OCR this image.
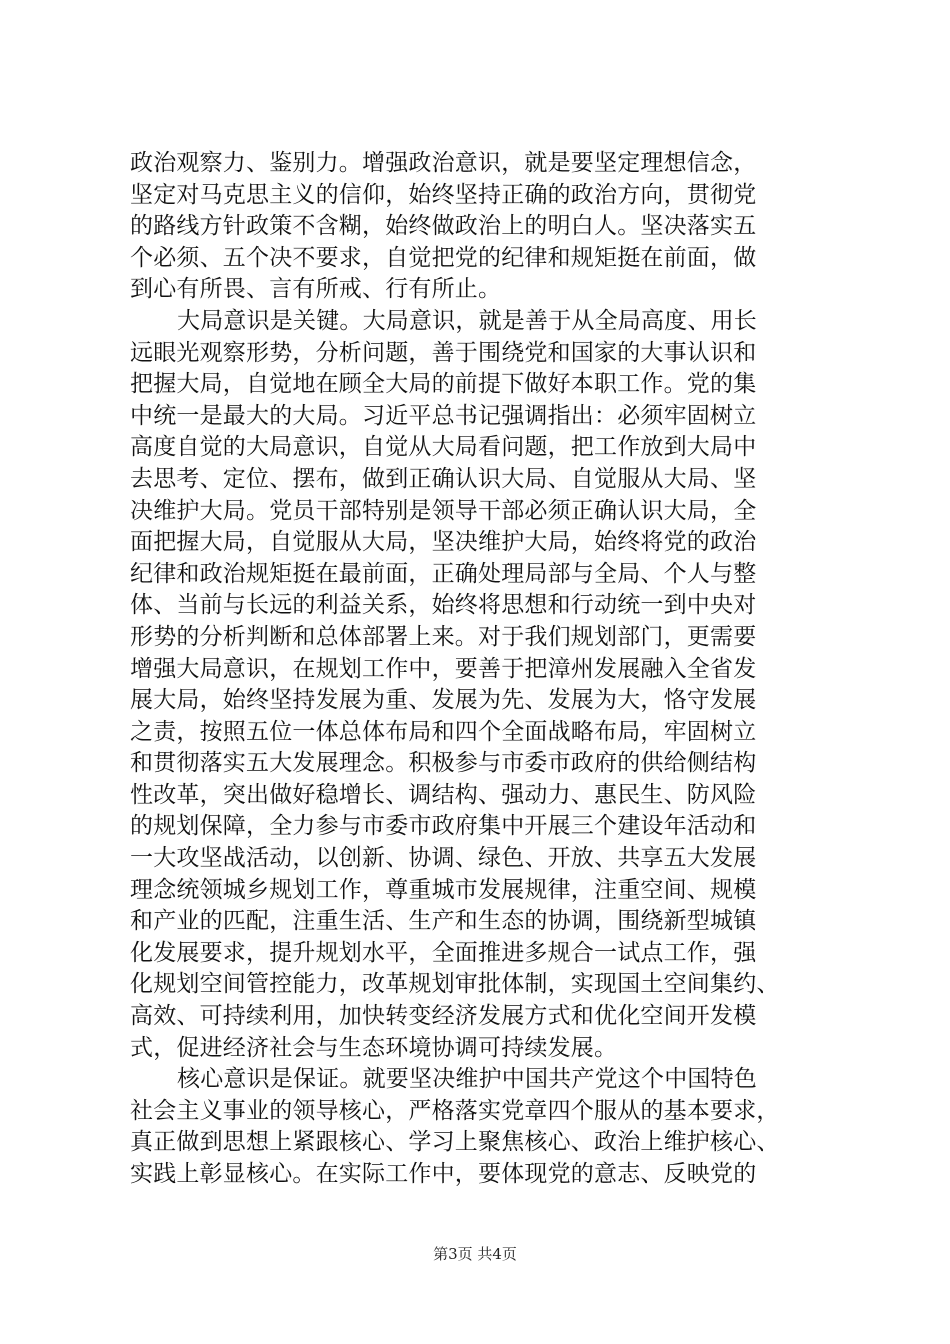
政治观察力、鉴别力。增强政治意识，就是要坚定理想信念，
坚定对马克思主义的信仰，始终坚持正确的政治方向，贯彻党
的路线方针政策不含糊，始终做政治上的明白人。坚决落实五
个必须、五个决不要求，自觉把党的纪律和规矩挺在前面，做
到心有所畏、言有所戒、行有所止。
大局意识是关键。大局意识，就是善于从全局高度、用长
远眼光观察形势，分析问题，善于围绕党和国家的大事认识和
把握大局，自觉地在顾全大局的前提下做好本职工作。党的集
中统一是最大的大局。习近平总书记强调指出：必须牢固树立
高度自觉的大局意识，自觉从大局看问题，把工作放到大局中
去思考、定位、摆布，做到正确认识大局、自觉服从大局、坚
决维护大局。党员干部特别是领导干部必须正确认识大局，全
面把握大局，自觉服从大局，坚决维护大局，始终将党的政治
纪律和政治规矩挺在最前面，正确处理局部与全局、个人与整
体、当前与长远的利益关系，始终将思想和行动统一到中央对
形势的分析判断和总体部署上来。对于我们规划部门，更需要
增强大局意识，在规划工作中，要善于把漳州发展融入全省发
展大局，始终坚持发展为重、发展为先、发展为大，恪守发展
之责，按照五位一体总体布局和四个全面战略布局，牢固树立
和贯彻落实五大发展理念。积极参与市委市政府的供给侧结构
性改革，突出做好稳增长、调结构、强动力、惠民生、防风险
的规划保障，全力参与市委市政府集中开展三个建设年活动和
一大攻坚战活动，以创新、协调、绿色、开放、共享五大发展
理念统领城乡规划工作，尊重城市发展规律，注重空间、规模
和产业的匹配，注重生活、生产和生态的协调，围绕新型城镇
化发展要求，提升规划水平，全面推进多规合一试点工作，强
化规划空间管控能力，改革规划审批体制，实现国土空间集约、
高效、可持续利用，加快转变经济发展方式和优化空间开发模
式，促进经济社会与生态环境协调可持续发展。
核心意识是保证。就要坚决维护中国共产党这个中国特色
社会主义事业的领导核心，严格落实党章四个服从的基本要求，
真正做到思想上紧跟核心、学习上聚焦核心、政治上维护核心、
实践上彰显核心。在实际工作中，要体现党的意志、反映党的
第3页 共4页
